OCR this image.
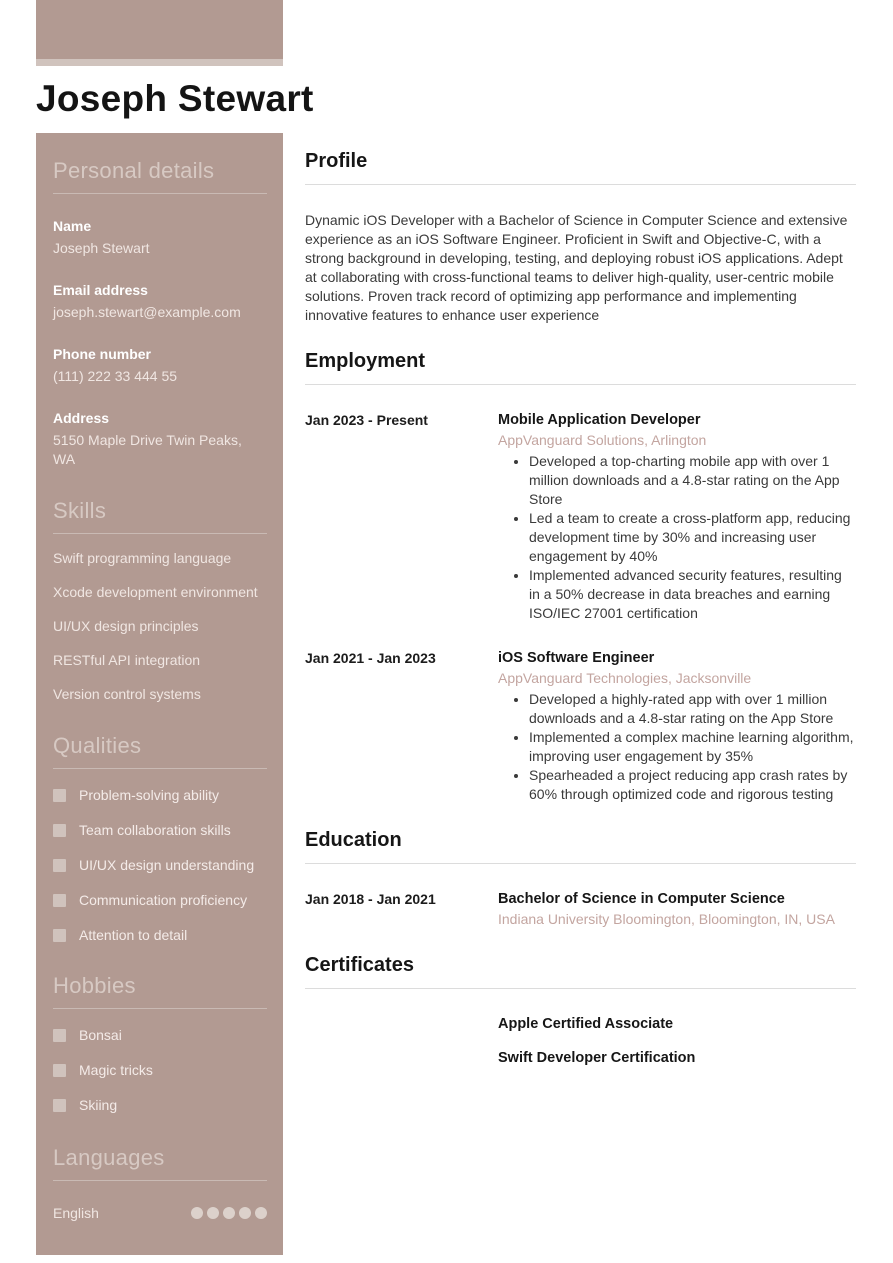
Joseph Stewart
Personal details
Name
Joseph Stewart
Email address
joseph.stewart@example.com
Phone number
(111) 222 33 444 55
Address
5150 Maple Drive Twin Peaks, WA
Skills
Swift programming language
Xcode development environment
UI/UX design principles
RESTful API integration
Version control systems
Qualities
Problem-solving ability
Team collaboration skills
UI/UX design understanding
Communication proficiency
Attention to detail
Hobbies
Bonsai
Magic tricks
Skiing
Languages
English
Profile

Dynamic iOS Developer with a Bachelor of Science in Computer Science and extensive experience as an iOS Software Engineer. Proficient in Swift and Objective-C, with a strong background in developing, testing, and deploying robust iOS applications. Adept at collaborating with cross-functional teams to deliver high-quality, user-centric mobile solutions. Proven track record of optimizing app performance and implementing innovative features to enhance user experience

Employment
Jan 2023 - Present	Mobile Application Developer
AppVanguard Solutions, Arlington
• Developed a top-charting mobile app with over 1 million downloads and a 4.8-star rating on the App Store
• Led a team to create a cross-platform app, reducing development time by 30% and increasing user engagement by 40%
• Implemented advanced security features, resulting in a 50% decrease in data breaches and earning ISO/IEC 27001 certification
Jan 2021 - Jan 2023	iOS Software Engineer
AppVanguard Technologies, Jacksonville
• Developed a highly-rated app with over 1 million downloads and a 4.8-star rating on the App Store
• Implemented a complex machine learning algorithm, improving user engagement by 35%
• Spearheaded a project reducing app crash rates by 60% through optimized code and rigorous testing
Education
Jan 2018 - Jan 2021	Bachelor of Science in Computer Science
Indiana University Bloomington, Bloomington, IN, USA
Certificates
Apple Certified Associate
Swift Developer Certification
